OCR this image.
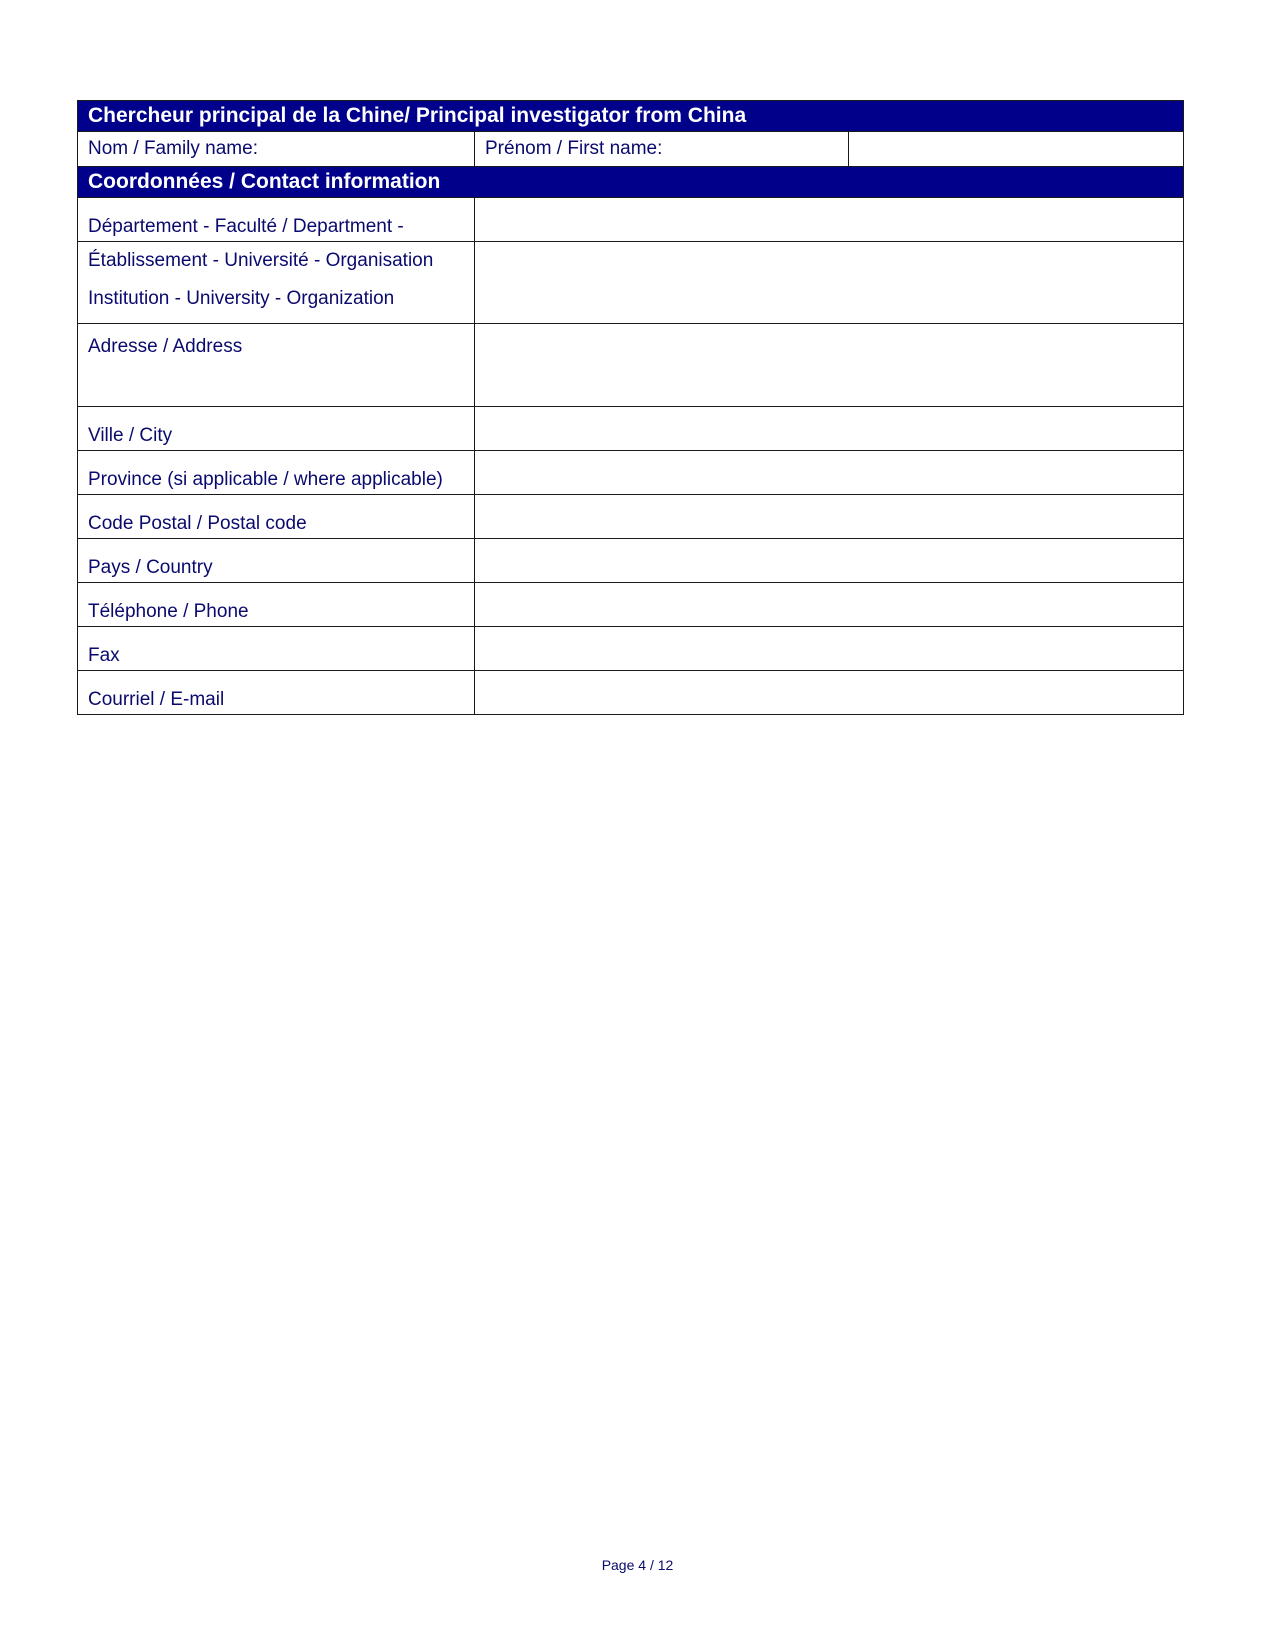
Chercheur principal de la Chine/ Principal investigator from China		
Nom / Family name:	Prénom / First name:	
Coordonnées / Contact information		
Département - Faculté / Department -		

Établissement - Université - Organisation
Institution - University - Organization		

Adresse / Address		
Ville / City		
Province (si applicable / where applicable)		
Code Postal / Postal code		
Pays / Country		
Téléphone / Phone		
Fax		
Courriel / E-mail		
Page 4 / 12
